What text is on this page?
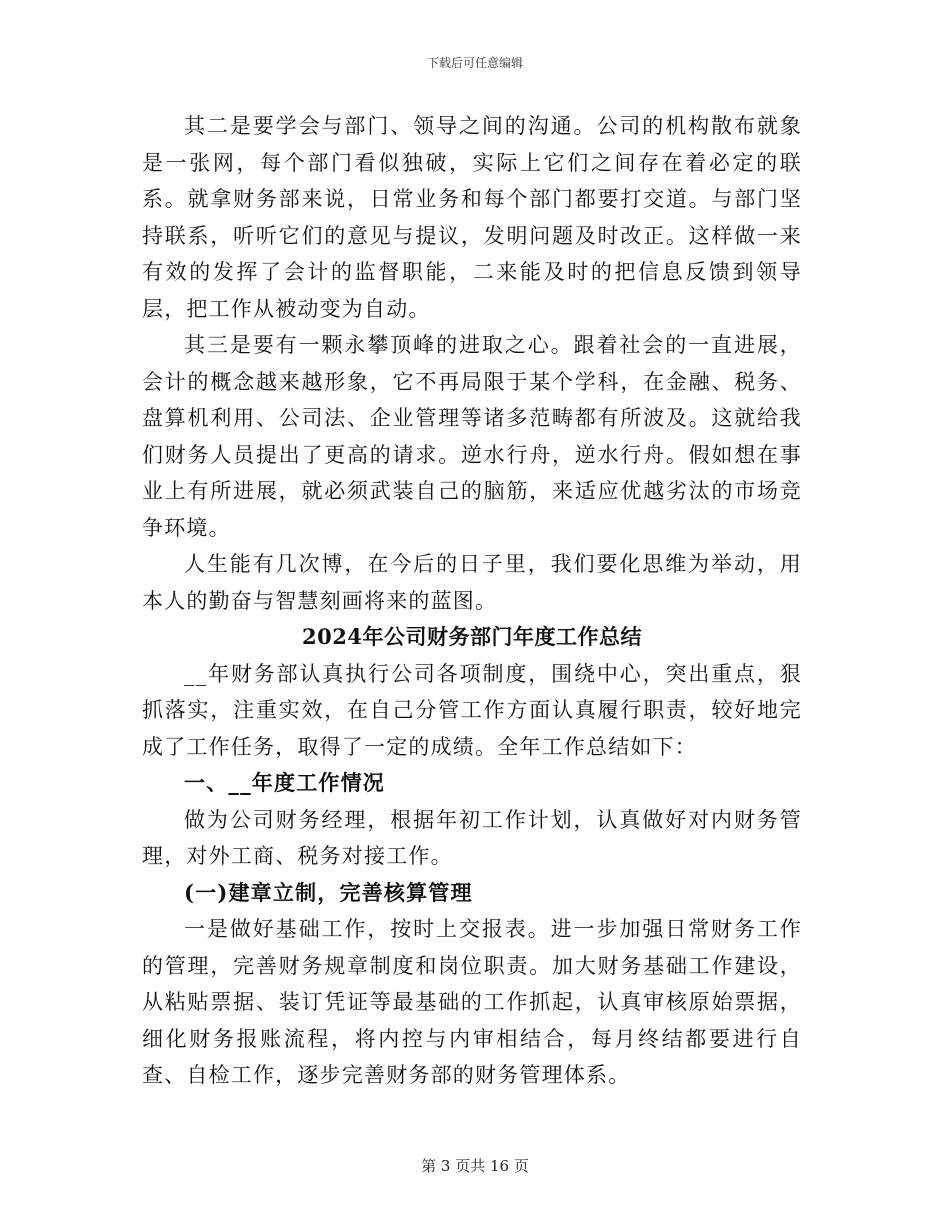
下载后可任意编辑

其二是要学会与部门、领导之间的沟通。公司的机构散布就象是一张网，每个部门看似独破，实际上它们之间存在着必定的联系。就拿财务部来说，日常业务和每个部门都要打交道。与部门坚持联系，听听它们的意见与提议，发明问题及时改正。这样做一来有效的发挥了会计的监督职能，二来能及时的把信息反馈到领导层，把工作从被动变为自动。

其三是要有一颗永攀顶峰的进取之心。跟着社会的一直进展，会计的概念越来越形象，它不再局限于某个学科，在金融、税务、盘算机利用、公司法、企业管理等诸多范畴都有所波及。这就给我们财务人员提出了更高的请求。逆水行舟，逆水行舟。假如想在事业上有所进展，就必须武装自己的脑筋，来适应优越劣汰的市场竞争环境。

人生能有几次博，在今后的日子里，我们要化思维为举动，用本人的勤奋与智慧刻画将来的蓝图。

2024年公司财务部门年度工作总结

__年财务部认真执行公司各项制度，围绕中心，突出重点，狠抓落实，注重实效，在自己分管工作方面认真履行职责，较好地完成了工作任务，取得了一定的成绩。全年工作总结如下：

一、__年度工作情况

做为公司财务经理，根据年初工作计划，认真做好对内财务管理，对外工商、税务对接工作。

(一)建章立制，完善核算管理

一是做好基础工作，按时上交报表。进一步加强日常财务工作的管理，完善财务规章制度和岗位职责。加大财务基础工作建设，从粘贴票据、装订凭证等最基础的工作抓起，认真审核原始票据，细化财务报账流程，将内控与内审相结合，每月终结都要进行自查、自检工作，逐步完善财务部的财务管理体系。

第 3 页共 16 页
